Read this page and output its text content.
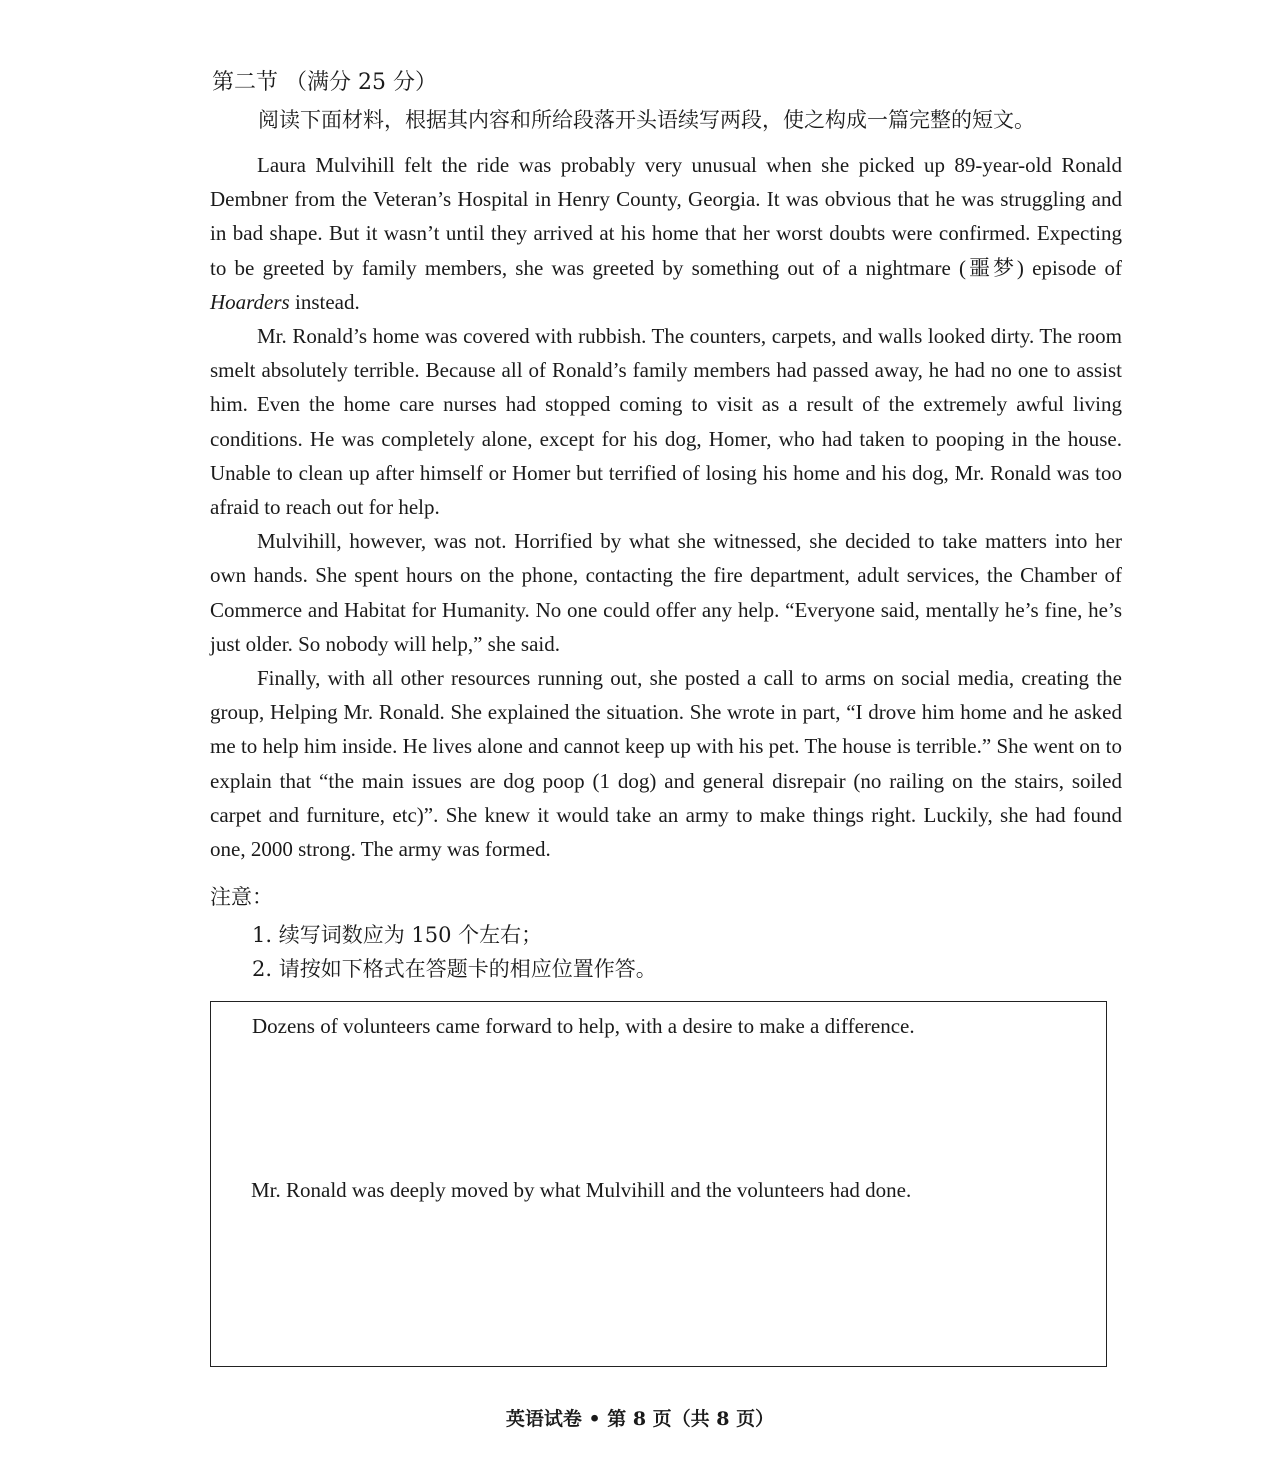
第二节 （满分 25 分）
阅读下面材料，根据其内容和所给段落开头语续写两段，使之构成一篇完整的短文。

Laura Mulvihill felt the ride was probably very unusual when she picked up 89-year-old Ronald Dembner from the Veteran’s Hospital in Henry County, Georgia. It was obvious that he was struggling and in bad shape. But it wasn’t until they arrived at his home that her worst doubts were confirmed. Expecting to be greeted by family members, she was greeted by something out of a nightmare (噩梦) episode of Hoarders instead.

Mr. Ronald’s home was covered with rubbish. The counters, carpets, and walls looked dirty. The room smelt absolutely terrible. Because all of Ronald’s family members had passed away, he had no one to assist him. Even the home care nurses had stopped coming to visit as a result of the extremely awful living conditions. He was completely alone, except for his dog, Homer, who had taken to pooping in the house. Unable to clean up after himself or Homer but terrified of losing his home and his dog, Mr. Ronald was too afraid to reach out for help.

Mulvihill, however, was not. Horrified by what she witnessed, she decided to take matters into her own hands. She spent hours on the phone, contacting the fire department, adult services, the Chamber of Commerce and Habitat for Humanity. No one could offer any help. “Everyone said, mentally he’s fine, he’s just older. So nobody will help,” she said.

Finally, with all other resources running out, she posted a call to arms on social media, creating the group, Helping Mr. Ronald. She explained the situation. She wrote in part, “I drove him home and he asked me to help him inside. He lives alone and cannot keep up with his pet. The house is terrible.” She went on to explain that “the main issues are dog poop (1 dog) and general disrepair (no railing on the stairs, soiled carpet and furniture, etc)”. She knew it would take an army to make things right. Luckily, she had found one, 2000 strong. The army was formed.

注意：
1. 续写词数应为 150 个左右；
2. 请按如下格式在答题卡的相应位置作答。
Dozens of volunteers came forward to help, with a desire to make a difference.
Mr. Ronald was deeply moved by what Mulvihill and the volunteers had done.
英语试卷 • 第 8 页（共 8 页）
